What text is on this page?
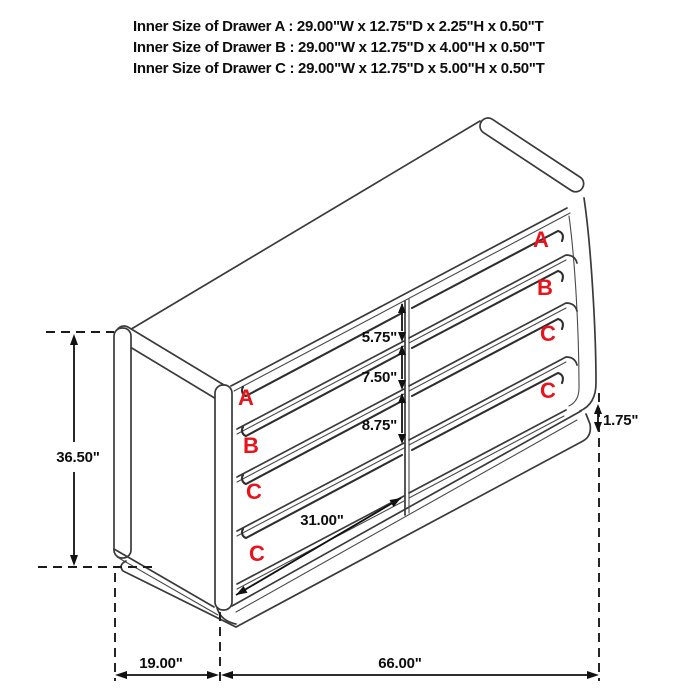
Inner Size of Drawer A : 29.00"W x 12.75"D x 2.25"H x 0.50"T
Inner Size of Drawer B : 29.00"W x 12.75"D x 4.00"H x 0.50"T
Inner Size of Drawer C : 29.00"W x 12.75"D x 5.00"H x 0.50"T
A
B
C
C
A
B
C
C
36.50"
5.75"
7.50"
8.75"
31.00"
1.75"
19.00"	66.00"
